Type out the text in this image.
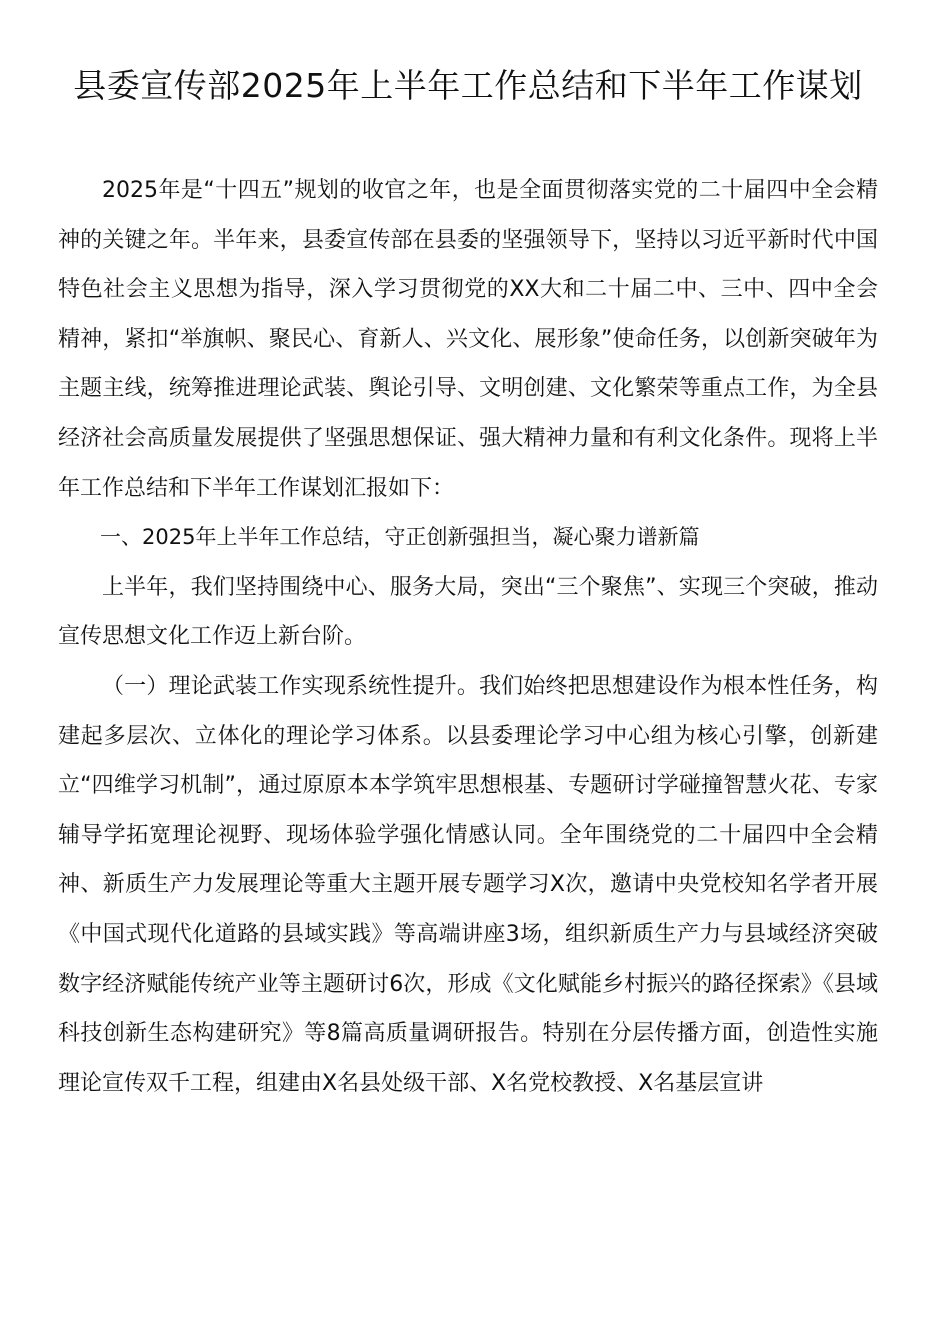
县委宣传部2025年上半年工作总结和下半年工作谋划

2025年是“十四五”规划的收官之年，也是全面贯彻落实党的二十届四中全会精神的关键之年。半年来，县委宣传部在县委的坚强领导下，坚持以习近平新时代中国特色社会主义思想为指导，深入学习贯彻党的XX大和二十届二中、三中、四中全会精神，紧扣“举旗帜、聚民心、育新人、兴文化、展形象”使命任务，以创新突破年为主题主线，统筹推进理论武装、舆论引导、文明创建、文化繁荣等重点工作，为全县经济社会高质量发展提供了坚强思想保证、强大精神力量和有利文化条件。现将上半年工作总结和下半年工作谋划汇报如下：

一、2025年上半年工作总结，守正创新强担当，凝心聚力谱新篇

上半年，我们坚持围绕中心、服务大局，突出“三个聚焦”、实现三个突破，推动宣传思想文化工作迈上新台阶。

（一）理论武装工作实现系统性提升。我们始终把思想建设作为根本性任务，构建起多层次、立体化的理论学习体系。以县委理论学习中心组为核心引擎，创新建立“四维学习机制”，通过原原本本学筑牢思想根基、专题研讨学碰撞智慧火花、专家辅导学拓宽理论视野、现场体验学强化情感认同。全年围绕党的二十届四中全会精神、新质生产力发展理论等重大主题开展专题学习X次，邀请中央党校知名学者开展《中国式现代化道路的县域实践》等高端讲座3场，组织新质生产力与县域经济突破数字经济赋能传统产业等主题研讨6次，形成《文化赋能乡村振兴的路径探索》《县域科技创新生态构建研究》等8篇高质量调研报告。特别在分层传播方面，创造性实施理论宣传双千工程，组建由X名县处级干部、X名党校教授、X名基层宣讲
